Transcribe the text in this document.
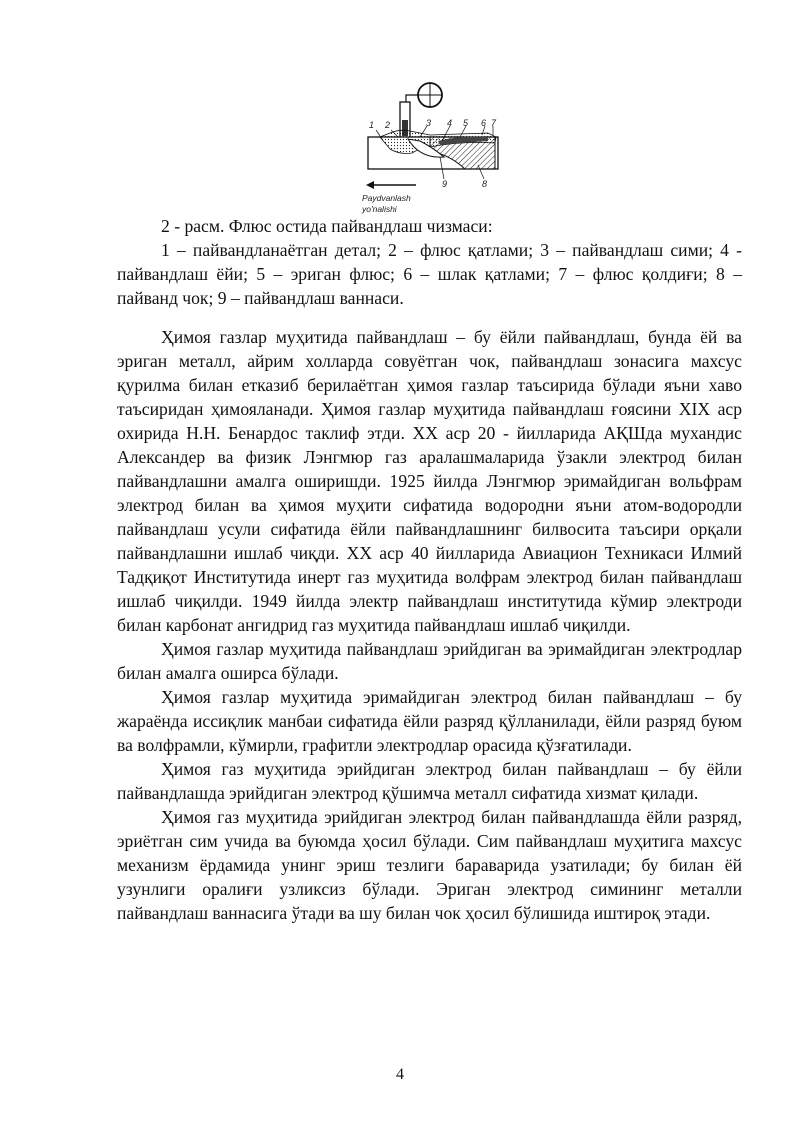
1 2	3 4 5 6 7
9	8
Paydvanlash
yo'nalishi

2 - расм. Флюс остида пайвандлаш чизмаси:

1 – пайвандланаётган детал; 2 – флюс қатлами; 3 – пайвандлаш сими; 4 - пайвандлаш ёйи; 5 – эриган флюс; 6 – шлак қатлами; 7 – флюс қолдиғи; 8 – пайванд чок; 9 – пайвандлаш ваннаси.

Ҳимоя газлар муҳитида пайвандлаш – бу ёйли пайвандлаш, бунда ёй ва эриган металл, айрим холларда совуётган чок, пайвандлаш зонасига махсус қурилма билан етказиб берилаётган ҳимоя газлар таъсирида бўлади яъни хаво таъсиридан ҳимояланади. Ҳимоя газлар муҳитида пайвандлаш ғоясини XIX аср охирида Н.Н. Бенардос таклиф этди. XX аср 20 - йилларида АҚШда мухандис Александер ва физик Лэнгмюр газ аралашмаларида ўзакли электрод билан пайвандлашни амалга оширишди. 1925 йилда Лэнгмюр эримайдиган вольфрам электрод билан ва ҳимоя муҳити сифатида водородни яъни атом-водородли пайвандлаш усули сифатида ёйли пайвандлашнинг билвосита таъсири орқали пайвандлашни ишлаб чиқди. XX аср 40 йилларида Авиацион Техникаси Илмий Тадқиқот Институтида инерт газ муҳитида волфрам электрод билан пайвандлаш ишлаб чиқилди. 1949 йилда электр пайвандлаш институтида кўмир электроди билан карбонат ангидрид газ муҳитида пайвандлаш ишлаб чиқилди.

Ҳимоя газлар муҳитида пайвандлаш эрийдиган ва эримайдиган электродлар билан амалга оширса бўлади.

Ҳимоя газлар муҳитида эримайдиган электрод билан пайвандлаш – бу жараёнда иссиқлик манбаи сифатида ёйли разряд қўлланилади, ёйли разряд буюм ва волфрамли, кўмирли, графитли электродлар орасида қўзғатилади.

Ҳимоя газ муҳитида эрийдиган электрод билан пайвандлаш – бу ёйли пайвандлашда эрийдиган электрод қўшимча металл сифатида хизмат қилади.

Ҳимоя газ муҳитида эрийдиган электрод билан пайвандлашда ёйли разряд, эриётган сим учида ва буюмда ҳосил бўлади. Сим пайвандлаш муҳитига махсус механизм ёрдамида унинг эриш тезлиги бараварида узатилади; бу билан ёй узунлиги оралиғи узликсиз бўлади. Эриган электрод симининг металли пайвандлаш ваннасига ўтади ва шу билан чок ҳосил бўлишида иштироқ этади.

4
